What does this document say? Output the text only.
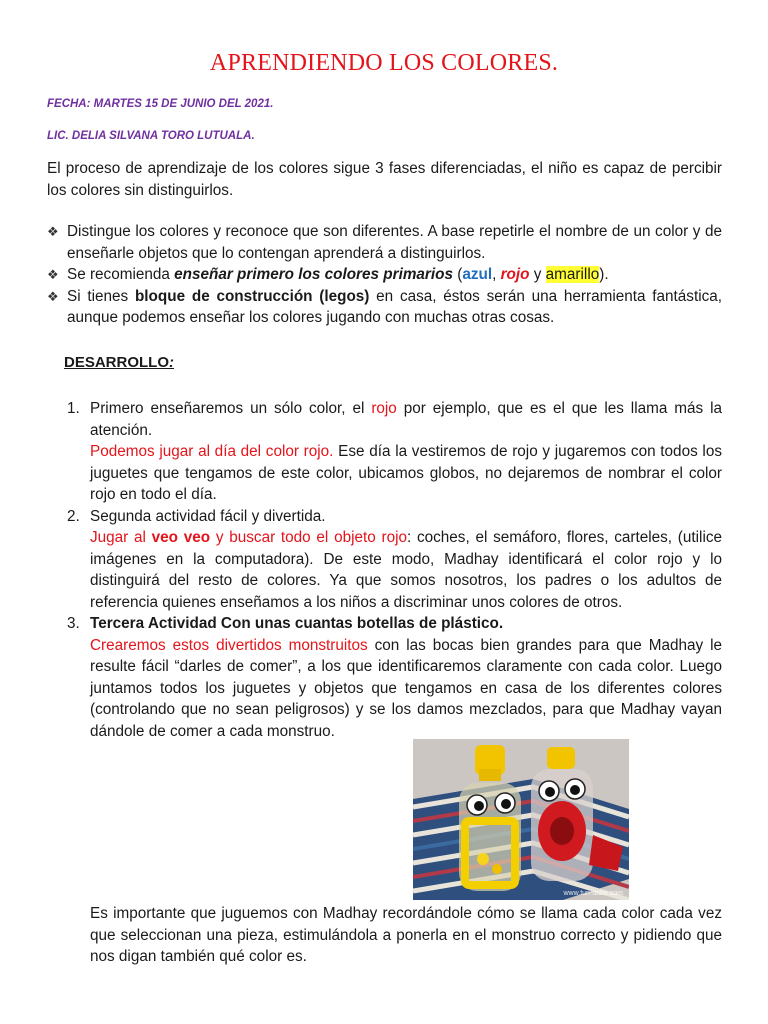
APRENDIENDO LOS COLORES.
FECHA: MARTES 15 DE JUNIO DEL 2021.
LIC. DELIA SILVANA TORO LUTUALA.
El proceso de aprendizaje de los colores sigue 3 fases diferenciadas, el niño es capaz de percibir los colores sin distinguirlos.
❖ Distingue los colores y reconoce que son diferentes. A base repetirle el nombre de un color y de enseñarle objetos que lo contengan aprenderá a distinguirlos.
❖ Se recomienda enseñar primero los colores primarios (azul, rojo y amarillo).
❖ Si tienes bloque de construcción (legos) en casa, éstos serán una herramienta fantástica, aunque podemos enseñar los colores jugando con muchas otras cosas.
DESARROLLO:
1. Primero enseñaremos un sólo color, el rojo por ejemplo, que es el que les llama más la atención.
Podemos jugar al día del color rojo. Ese día la vestiremos de rojo y jugaremos con todos los juguetes que tengamos de este color, ubicamos globos, no dejaremos de nombrar el color rojo en todo el día.
2. Segunda actividad fácil y divertida.
Jugar al veo veo y buscar todo el objeto rojo: coches, el semáforo, flores, carteles, (utilice imágenes en la computadora). De este modo, Madhay identificará el color rojo y lo distinguirá del resto de colores. Ya que somos nosotros, los padres o los adultos de referencia quienes enseñamos a los niños a discriminar unos colores de otros.
3. Tercera Actividad Con unas cuantas botellas de plástico.
Crearemos estos divertidos monstruitos con las bocas bien grandes para que Madhay le resulte fácil “darles de comer”, a los que identificaremos claramente con cada color. Luego juntamos todos los juguetes y objetos que tengamos en casa de los diferentes colores (controlando que no sean peligrosos) y se los damos mezclados, para que Madhay vayan dándole de comer a cada monstruo.
www.fun-dabo.com
Es importante que juguemos con Madhay recordándole cómo se llama cada color cada vez que seleccionan una pieza, estimulándola a ponerla en el monstruo correcto y pidiendo que nos digan también qué color es.
